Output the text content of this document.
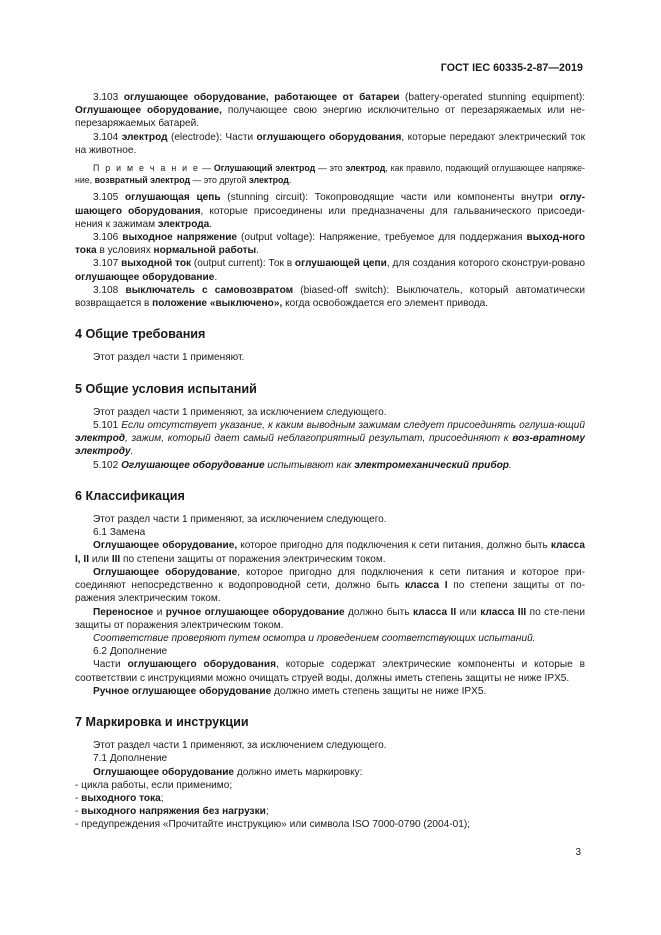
ГОСТ IEC 60335-2-87—2019

3.103 оглушающее оборудование, работающее от батареи (battery-operated stunning equipment): Оглушающее оборудование, получающее свою энергию исключительно от перезаряжаемых или не-перезаряжаемых батарей.

3.104 электрод (electrode): Части оглушающего оборудования, которые передают электрический ток на животное.

П р и м е ч а н и е — Оглушающий электрод — это электрод, как правило, подающий оглушающее напряже-ние, возвратный электрод — это другой электрод.

3.105 оглушающая цепь (stunning circuit): Токопроводящие части или компоненты внутри оглу-шающего оборудования, которые присоединены или предназначены для гальванического присоеди-нения к зажимам электрода.

3.106 выходное напряжение (output voltage): Напряжение, требуемое для поддержания выход-ного тока в условиях нормальной работы.

3.107 выходной ток (output current): Ток в оглушающей цепи, для создания которого сконструи-ровано оглушающее оборудование.

3.108 выключатель с самовозвратом (biased-off switch): Выключатель, который автоматически возвращается в положение «выключено», когда освобождается его элемент привода.

4 Общие требования

Этот раздел части 1 применяют.

5 Общие условия испытаний

Этот раздел части 1 применяют, за исключением следующего.

5.101 Если отсутствует указание, к каким выводным зажимам следует присоединять оглуша-ющий электрод, зажим, который дает самый неблагоприятный результат, присоединяют к воз-вратному электроду.

5.102 Оглушающее оборудование испытывают как электромеханический прибор.

6 Классификация

Этот раздел части 1 применяют, за исключением следующего.

6.1 Замена

Оглушающее оборудование, которое пригодно для подключения к сети питания, должно быть класса I, II или III по степени защиты от поражения электрическим током.

Оглушающее оборудование, которое пригодно для подключения к сети питания и которое при-соединяют непосредственно к водопроводной сети, должно быть класса I по степени защиты от по-ражения электрическим током.

Переносное и ручное оглушающее оборудование должно быть класса II или класса III по сте-пени защиты от поражения электрическим током.

Соответствие проверяют путем осмотра и проведением соответствующих испытаний.

6.2 Дополнение

Части оглушающего оборудования, которые содержат электрические компоненты и которые в соответствии с инструкциями можно очищать струей воды, должны иметь степень защиты не ниже IPX5.

Ручное оглушающее оборудование должно иметь степень защиты не ниже IPX5.

7 Маркировка и инструкции

Этот раздел части 1 применяют, за исключением следующего.

7.1 Дополнение

Оглушающее оборудование должно иметь маркировку:

- цикла работы, если применимо;

- выходного тока;

- выходного напряжения без нагрузки;

- предупреждения «Прочитайте инструкцию» или символа ISO 7000-0790 (2004-01);

3
